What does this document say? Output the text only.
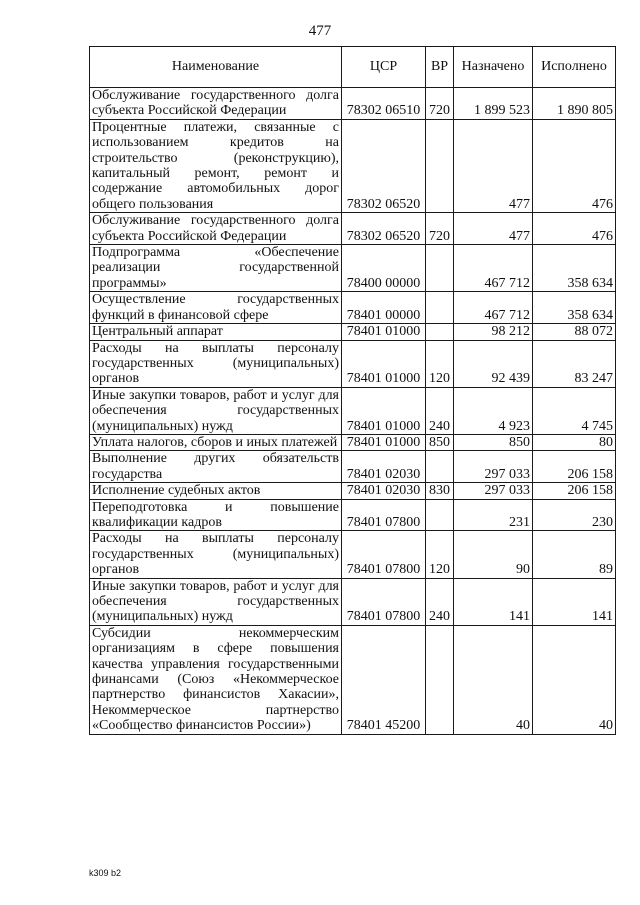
477
Наименование	ЦСР	ВР	Назначено	Исполнено
Обслуживание государственного долга субъекта Российской Федерации	78302 06510	720	1 899 523	1 890 805
Процентные платежи, связанные с использованием кредитов на строительство (реконструкцию), капитальный ремонт, ремонт и содержание автомобильных дорог общего пользования	78302 06520		477	476
Обслуживание государственного долга субъекта Российской Федерации	78302 06520	720	477	476
Подпрограмма «Обеспечение реализации государственной программы»	78400 00000		467 712	358 634
Осуществление государственных функций в финансовой сфере	78401 00000		467 712	358 634
Центральный аппарат	78401 01000		98 212	88 072
Расходы на выплаты персоналу государственных (муниципальных) органов	78401 01000	120	92 439	83 247
Иные закупки товаров, работ и услуг для обеспечения государственных (муниципальных) нужд	78401 01000	240	4 923	4 745
Уплата налогов, сборов и иных платежей	78401 01000	850	850	80
Выполнение других обязательств государства	78401 02030		297 033	206 158
Исполнение судебных актов	78401 02030	830	297 033	206 158
Переподготовка и повышение квалификации кадров	78401 07800		231	230
Расходы на выплаты персоналу государственных (муниципальных) органов	78401 07800	120	90	89
Иные закупки товаров, работ и услуг для обеспечения государственных (муниципальных) нужд	78401 07800	240	141	141
Субсидии некоммерческим организациям в сфере повышения качества управления государственными финансами (Союз «Некоммерческое партнерство финансистов Хакасии», Некоммерческое партнерство «Сообщество финансистов России»)	78401 45200		40	40
k309 b2
